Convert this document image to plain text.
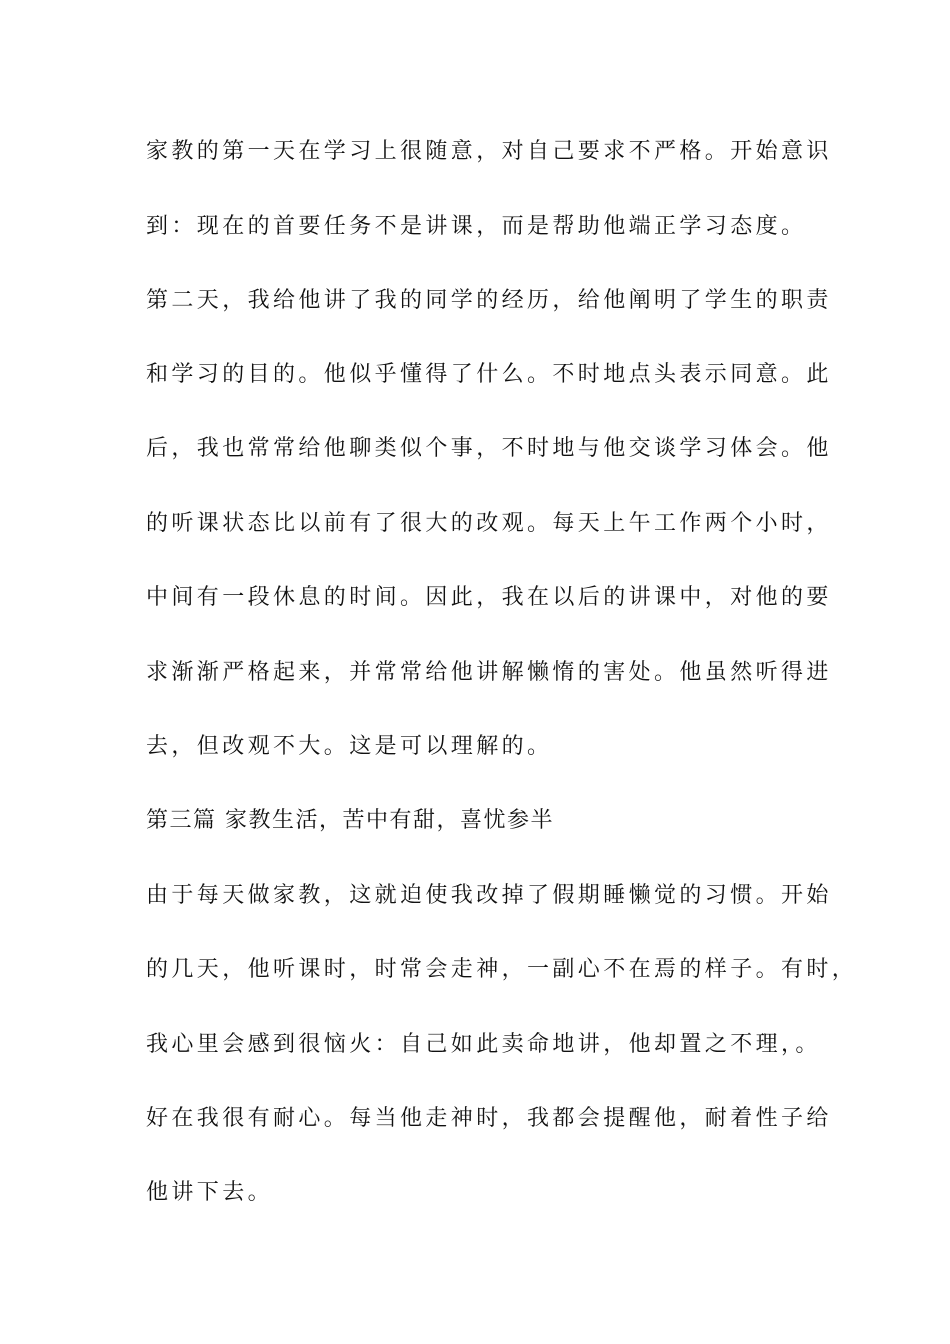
家教的第一天在学习上很随意，对自己要求不严格。开始意识
到：现在的首要任务不是讲课，而是帮助他端正学习态度。
第二天，我给他讲了我的同学的经历，给他阐明了学生的职责
和学习的目的。他似乎懂得了什么。不时地点头表示同意。此
后，我也常常给他聊类似个事，不时地与他交谈学习体会。他
的听课状态比以前有了很大的改观。每天上午工作两个小时，
中间有一段休息的时间。因此，我在以后的讲课中，对他的要
求渐渐严格起来，并常常给他讲解懒惰的害处。他虽然听得进
去，但改观不大。这是可以理解的。
第三篇 家教生活，苦中有甜，喜忧参半
由于每天做家教，这就迫使我改掉了假期睡懒觉的习惯。开始
的几天，他听课时，时常会走神，一副心不在焉的样子。有时，
我心里会感到很恼火：自己如此卖命地讲，他却置之不理，。
好在我很有耐心。每当他走神时，我都会提醒他，耐着性子给
他讲下去。
